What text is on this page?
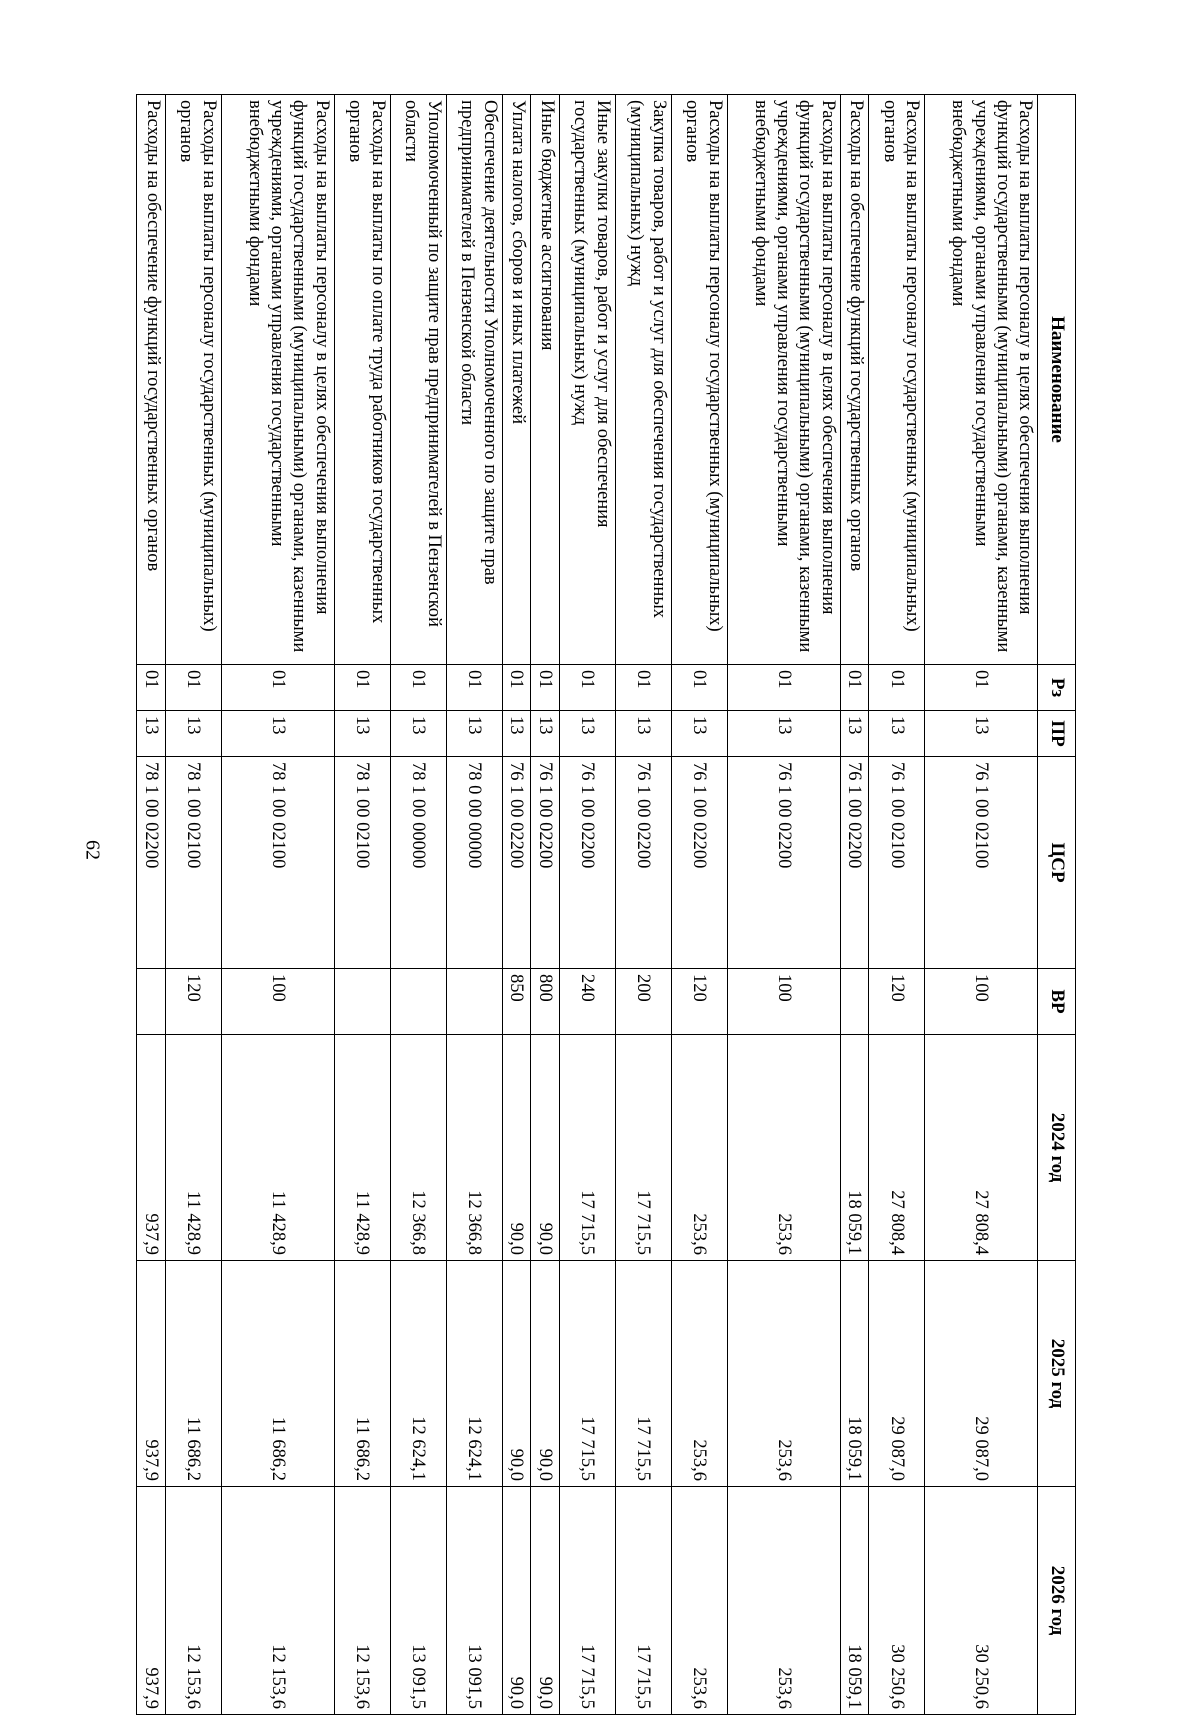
62
Наименование	Рз	ПР	ЦСР	ВР	2024 год	2025 год	2026 год
Расходы на выплаты персоналу в целях обеспечения выполнения функций государственными (муниципальными) органами, казенными учреждениями, органами управления государственными внебюджетными фондами	01	13	76 1 00 02100	100	27 808,4	29 087,0	30 250,6
Расходы на выплаты персоналу государственных (муниципальных) органов	01	13	76 1 00 02100	120	27 808,4	29 087,0	30 250,6
Расходы на обеспечение функций государственных органов	01	13	76 1 00 02200		18 059,1	18 059,1	18 059,1
Расходы на выплаты персоналу в целях обеспечения выполнения функций государственными (муниципальными) органами, казенными учреждениями, органами управления государственными внебюджетными фондами	01	13	76 1 00 02200	100	253,6	253,6	253,6
Расходы на выплаты персоналу государственных (муниципальных) органов	01	13	76 1 00 02200	120	253,6	253,6	253,6
Закупка товаров, работ и услуг для обеспечения государственных (муниципальных) нужд	01	13	76 1 00 02200	200	17 715,5	17 715,5	17 715,5
Иные закупки товаров, работ и услуг для обеспечения государственных (муниципальных) нужд	01	13	76 1 00 02200	240	17 715,5	17 715,5	17 715,5
Иные бюджетные ассигнования	01	13	76 1 00 02200	800	90,0	90,0	90,0
Уплата налогов, сборов и иных платежей	01	13	76 1 00 02200	850	90,0	90,0	90,0
Обеспечение деятельности Уполномоченного по защите прав предпринимателей в Пензенской области	01	13	78 0 00 00000		12 366,8	12 624,1	13 091,5
Уполномоченный по защите прав предпринимателей в Пензенской области	01	13	78 1 00 00000		12 366,8	12 624,1	13 091,5
Расходы на выплаты по оплате труда работников государственных органов	01	13	78 1 00 02100		11 428,9	11 686,2	12 153,6
Расходы на выплаты персоналу в целях обеспечения выполнения функций государственными (муниципальными) органами, казенными учреждениями, органами управления государственными внебюджетными фондами	01	13	78 1 00 02100	100	11 428,9	11 686,2	12 153,6
Расходы на выплаты персоналу государственных (муниципальных) органов	01	13	78 1 00 02100	120	11 428,9	11 686,2	12 153,6
Расходы на обеспечение функций государственных органов	01	13	78 1 00 02200		937,9	937,9	937,9
